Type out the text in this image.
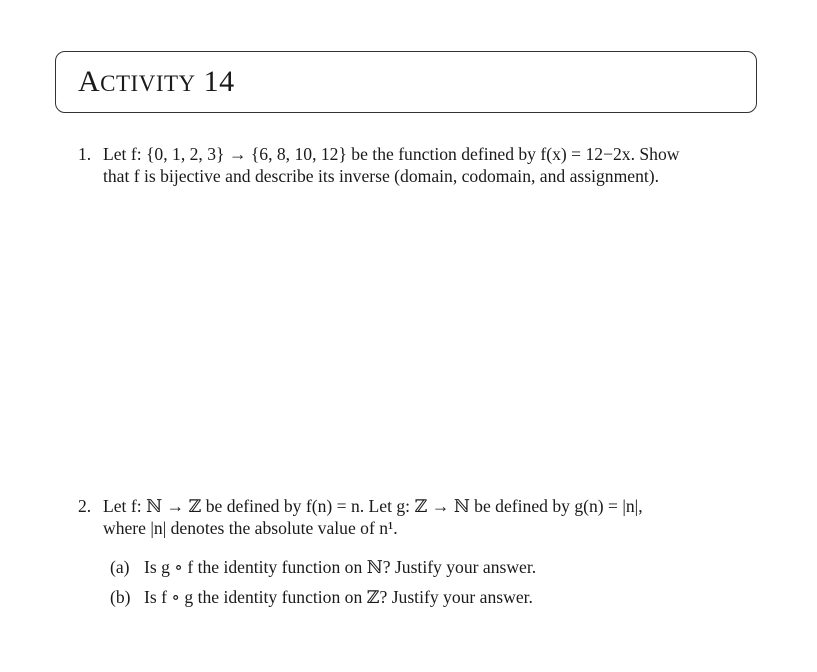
ACTIVITY 14
1. Let f: {0, 1, 2, 3} → {6, 8, 10, 12} be the function defined by f(x) = 12−2x. Show
that f is bijective and describe its inverse (domain, codomain, and assignment).
2. Let f: ℕ → ℤ be defined by f(n) = n. Let g: ℤ → ℕ be defined by g(n) = |n|,
where |n| denotes the absolute value of n¹.
(a) Is g ∘ f the identity function on ℕ? Justify your answer.
(b) Is f ∘ g the identity function on ℤ? Justify your answer.
